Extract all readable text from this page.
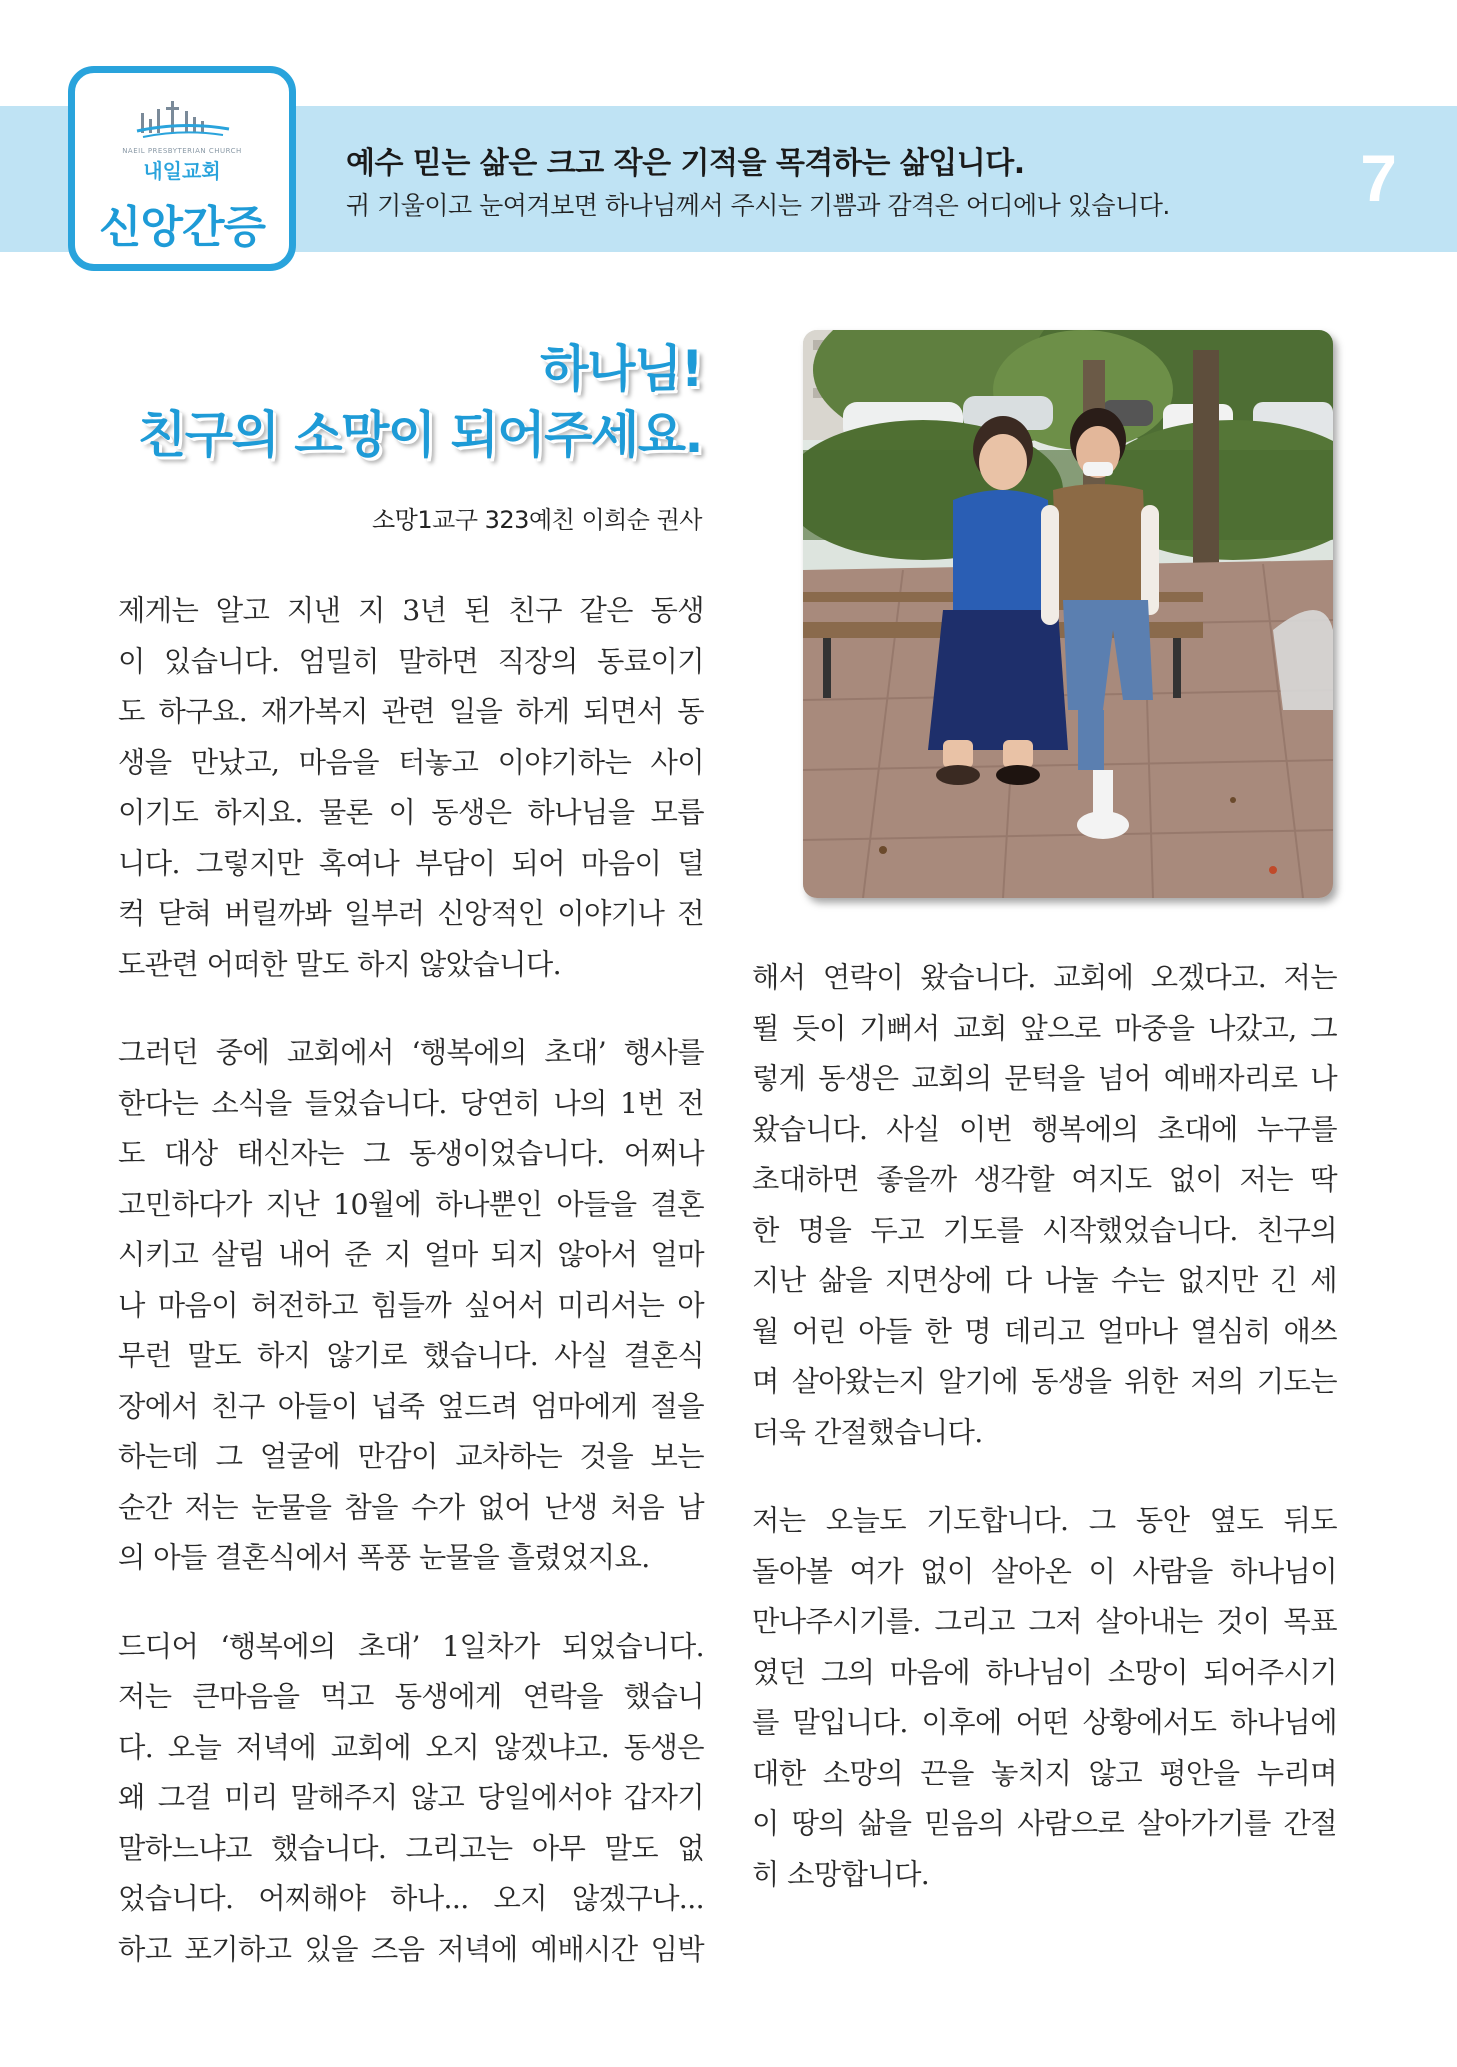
NAEIL PRESBYTERIAN CHURCH
내일교회
신앙간증
예수 믿는 삶은 크고 작은 기적을 목격하는 삶입니다.
귀 기울이고 눈여겨보면 하나님께서 주시는 기쁨과 감격은 어디에나 있습니다.	7
하나님!
친구의 소망이 되어주세요.
소망1교구 323예친 이희순 권사
제게는 알고 지낸 지 3년 된 친구 같은 동생
이 있습니다. 엄밀히 말하면 직장의 동료이기
도 하구요. 재가복지 관련 일을 하게 되면서 동
생을 만났고, 마음을 터놓고 이야기하는 사이
이기도 하지요. 물론 이 동생은 하나님을 모릅
니다. 그렇지만 혹여나 부담이 되어 마음이 덜
컥 닫혀 버릴까봐 일부러 신앙적인 이야기나 전
도관련 어떠한 말도 하지 않았습니다.
그러던 중에 교회에서 ‘행복에의 초대’ 행사를
한다는 소식을 들었습니다. 당연히 나의 1번 전
도 대상 태신자는 그 동생이었습니다. 어쩌나
고민하다가 지난 10월에 하나뿐인 아들을 결혼
시키고 살림 내어 준 지 얼마 되지 않아서 얼마
나 마음이 허전하고 힘들까 싶어서 미리서는 아
무런 말도 하지 않기로 했습니다. 사실 결혼식
장에서 친구 아들이 넙죽 엎드려 엄마에게 절을
하는데 그 얼굴에 만감이 교차하는 것을 보는
순간 저는 눈물을 참을 수가 없어 난생 처음 남
의 아들 결혼식에서 폭풍 눈물을 흘렸었지요.
드디어 ‘행복에의 초대’ 1일차가 되었습니다.
저는 큰마음을 먹고 동생에게 연락을 했습니
다. 오늘 저녁에 교회에 오지 않겠냐고. 동생은
왜 그걸 미리 말해주지 않고 당일에서야 갑자기
말하느냐고 했습니다. 그리고는 아무 말도 없
었습니다. 어찌해야 하나... 오지 않겠구나...
하고 포기하고 있을 즈음 저녁에 예배시간 임박
해서 연락이 왔습니다. 교회에 오겠다고. 저는
뛸 듯이 기뻐서 교회 앞으로 마중을 나갔고, 그
렇게 동생은 교회의 문턱을 넘어 예배자리로 나
왔습니다. 사실 이번 행복에의 초대에 누구를
초대하면 좋을까 생각할 여지도 없이 저는 딱
한 명을 두고 기도를 시작했었습니다. 친구의
지난 삶을 지면상에 다 나눌 수는 없지만 긴 세
월 어린 아들 한 명 데리고 얼마나 열심히 애쓰
며 살아왔는지 알기에 동생을 위한 저의 기도는
더욱 간절했습니다.
저는 오늘도 기도합니다. 그 동안 옆도 뒤도
돌아볼 여가 없이 살아온 이 사람을 하나님이
만나주시기를. 그리고 그저 살아내는 것이 목표
였던 그의 마음에 하나님이 소망이 되어주시기
를 말입니다. 이후에 어떤 상황에서도 하나님에
대한 소망의 끈을 놓치지 않고 평안을 누리며
이 땅의 삶을 믿음의 사람으로 살아가기를 간절
히 소망합니다.
